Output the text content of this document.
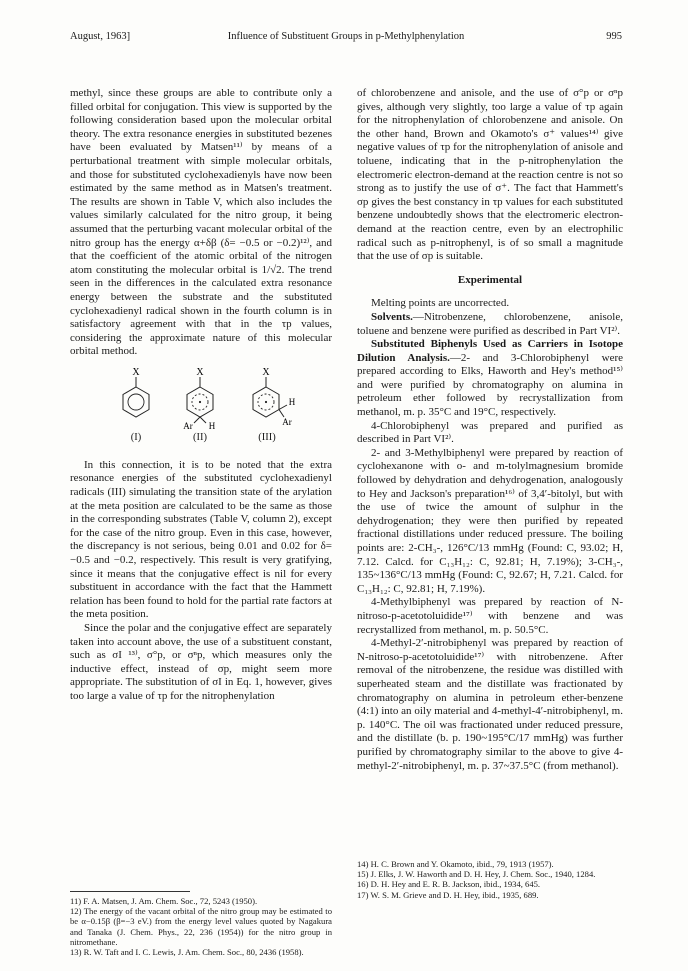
August, 1963]	Influence of Substituent Groups in p-Methylphenylation	995

methyl, since these groups are able to contribute only a filled orbital for conjugation. This view is supported by the following consideration based upon the molecular orbital theory. The extra resonance energies in substituted bezenes have been evaluated by Matsen¹¹⁾ by means of a perturbational treatment with simple molecular orbitals, and those for substituted cyclohexadienyls have now been estimated by the same method as in Matsen's treatment. The results are shown in Table V, which also includes the values similarly calculated for the nitro group, it being assumed that the perturbing vacant molecular orbital of the nitro group has the energy α+δβ (δ= −0.5 or −0.2)¹²⁾, and that the coefficient of the atomic orbital of the nitrogen atom constituting the molecular orbital is 1/√2. The trend seen in the differences in the calculated extra resonance energy between the substrate and the substituted cyclohexadienyl radical shown in the fourth column is in satisfactory agreement with that in the τp values, considering the approximate nature of this molecular orbital method.

X
(I)
X
Ar H
(II)
X
H
Ar
(III)

In this connection, it is to be noted that the extra resonance energies of the substituted cyclohexadienyl radicals (III) simulating the transition state of the arylation at the meta position are calculated to be the same as those in the corresponding substrates (Table V, column 2), except for the case of the nitro group. Even in this case, however, the discrepancy is not serious, being 0.01 and 0.02 for δ= −0.5 and −0.2, respectively. This result is very gratifying, since it means that the conjugative effect is nil for every substituent in accordance with the fact that the Hammett relation has been found to hold for the partial rate factors at the meta position.

Since the polar and the conjugative effect are separately taken into account above, the use of a substituent constant, such as σI ¹³⁾, σ°p, or σⁿp, which measures only the inductive effect, instead of σp, might seem more appropriate. The substitution of σI in Eq. 1, however, gives too large a value of τp for the nitrophenylation

of chlorobenzene and anisole, and the use of σ°p or σⁿp gives, although very slightly, too large a value of τp again for the nitrophenylation of chlorobenzene and anisole. On the other hand, Brown and Okamoto's σ⁺ values¹⁴⁾ give negative values of τp for the nitrophenylation of anisole and toluene, indicating that in the p-nitrophenylation the electromeric electron-demand at the reaction centre is not so strong as to justify the use of σ⁺. The fact that Hammett's σp gives the best constancy in τp values for each substituted benzene undoubtedly shows that the electromeric electron-demand at the reaction centre, even by an electrophilic radical such as p-nitrophenyl, is of so small a magnitude that the use of σp is suitable.

Experimental

Melting points are uncorrected.

Solvents.—Nitrobenzene, chlorobenzene, anisole, toluene and benzene were purified as described in Part VI²⁾.

Substituted Biphenyls Used as Carriers in Isotope Dilution Analysis.—2- and 3-Chlorobiphenyl were prepared according to Elks, Haworth and Hey's method¹⁵⁾ and were purified by chromatography on alumina in petroleum ether followed by recrystallization from methanol, m. p. 35°C and 19°C, respectively.

4-Chlorobiphenyl was prepared and purified as described in Part VI²⁾.

2- and 3-Methylbiphenyl were prepared by reaction of cyclohexanone with o- and m-tolylmagnesium bromide followed by dehydration and dehydrogenation, analogously to Hey and Jackson's preparation¹⁶⁾ of 3,4′-bitolyl, but with the use of twice the amount of sulphur in the dehydrogenation; they were then purified by repeated fractional distillations under reduced pressure. The boiling points are: 2-CH₃-, 126°C/13 mmHg (Found: C, 93.02; H, 7.12. Calcd. for C₁₃H₁₂: C, 92.81; H, 7.19%); 3-CH₃-, 135~136°C/13 mmHg (Found: C, 92.67; H, 7.21. Calcd. for C₁₃H₁₂: C, 92.81; H, 7.19%).

4-Methylbiphenyl was prepared by reaction of N-nitroso-p-acetotoluidide¹⁷⁾ with benzene and was recrystallized from methanol, m. p. 50.5°C.

4-Methyl-2′-nitrobiphenyl was prepared by reaction of N-nitroso-p-acetotoluidide¹⁷⁾ with nitrobenzene. After removal of the nitrobenzene, the residue was distilled with superheated steam and the distillate was fractionated by chromatography on alumina in petroleum ether-benzene (4:1) into an oily material and 4-methyl-4′-nitrobiphenyl, m. p. 140°C. The oil was fractionated under reduced pressure, and the distillate (b. p. 190~195°C/17 mmHg) was further purified by chromatography similar to the above to give 4-methyl-2′-nitrobiphenyl, m. p. 37~37.5°C (from methanol).

11) F. A. Matsen, J. Am. Chem. Soc., 72, 5243 (1950).

12) The energy of the vacant orbital of the nitro group may be estimated to be α−0.15β (β=−3 eV.) from the energy level values quoted by Nagakura and Tanaka (J. Chem. Phys., 22, 236 (1954)) for the nitro group in nitromethane.

13) R. W. Taft and I. C. Lewis, J. Am. Chem. Soc., 80, 2436 (1958).

14) H. C. Brown and Y. Okamoto, ibid., 79, 1913 (1957).

15) J. Elks, J. W. Haworth and D. H. Hey, J. Chem. Soc., 1940, 1284.

16) D. H. Hey and E. R. B. Jackson, ibid., 1934, 645.

17) W. S. M. Grieve and D. H. Hey, ibid., 1935, 689.
